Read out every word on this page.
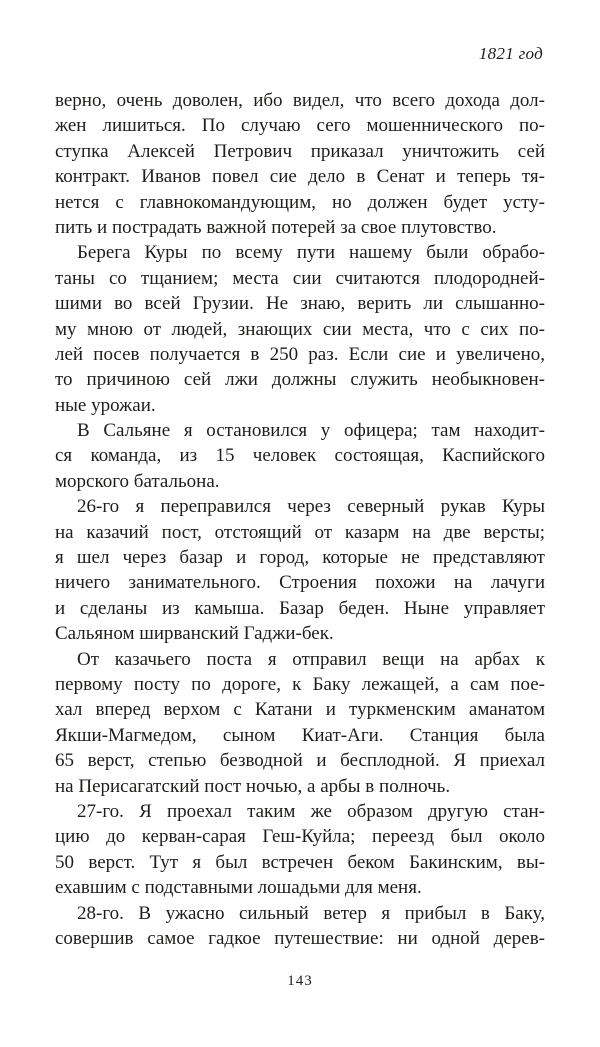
1821 год
верно, очень доволен, ибо видел, что всего дохода дол-
жен лишиться. По случаю сего мошеннического по-
ступка Алексей Петрович приказал уничтожить сей
контракт. Иванов повел сие дело в Сенат и теперь тя-
нется с главнокомандующим, но должен будет усту-
пить и пострадать важной потерей за свое плутовство.
Берега Куры по всему пути нашему были обрабо-
таны со тщанием; места сии считаются плодородней-
шими во всей Грузии. Не знаю, верить ли слышанно-
му мною от людей, знающих сии места, что с сих по-
лей посев получается в 250 раз. Если сие и увеличено,
то причиною сей лжи должны служить необыкновен-
ные урожаи.
В Сальяне я остановился у офицера; там находит-
ся команда, из 15 человек состоящая, Каспийского
морского батальона.
26-го я переправился через северный рукав Куры
на казачий пост, отстоящий от казарм на две версты;
я шел через базар и город, которые не представляют
ничего занимательного. Строения похожи на лачуги
и сделаны из камыша. Базар беден. Ныне управляет
Сальяном ширванский Гаджи-бек.
От казачьего поста я отправил вещи на арбах к
первому посту по дороге, к Баку лежащей, а сам пое-
хал вперед верхом с Катани и туркменским аманатом
Якши-Магмедом, сыном Киат-Аги. Станция была
65 верст, степью безводной и бесплодной. Я приехал
на Перисагатский пост ночью, а арбы в полночь.
27-го. Я проехал таким же образом другую стан-
цию до керван-сарая Геш-Куйла; переезд был около
50 верст. Тут я был встречен беком Бакинским, вы-
ехавшим с подставными лошадьми для меня.
28-го. В ужасно сильный ветер я прибыл в Баку,
совершив самое гадкое путешествие: ни одной дерев-
143
